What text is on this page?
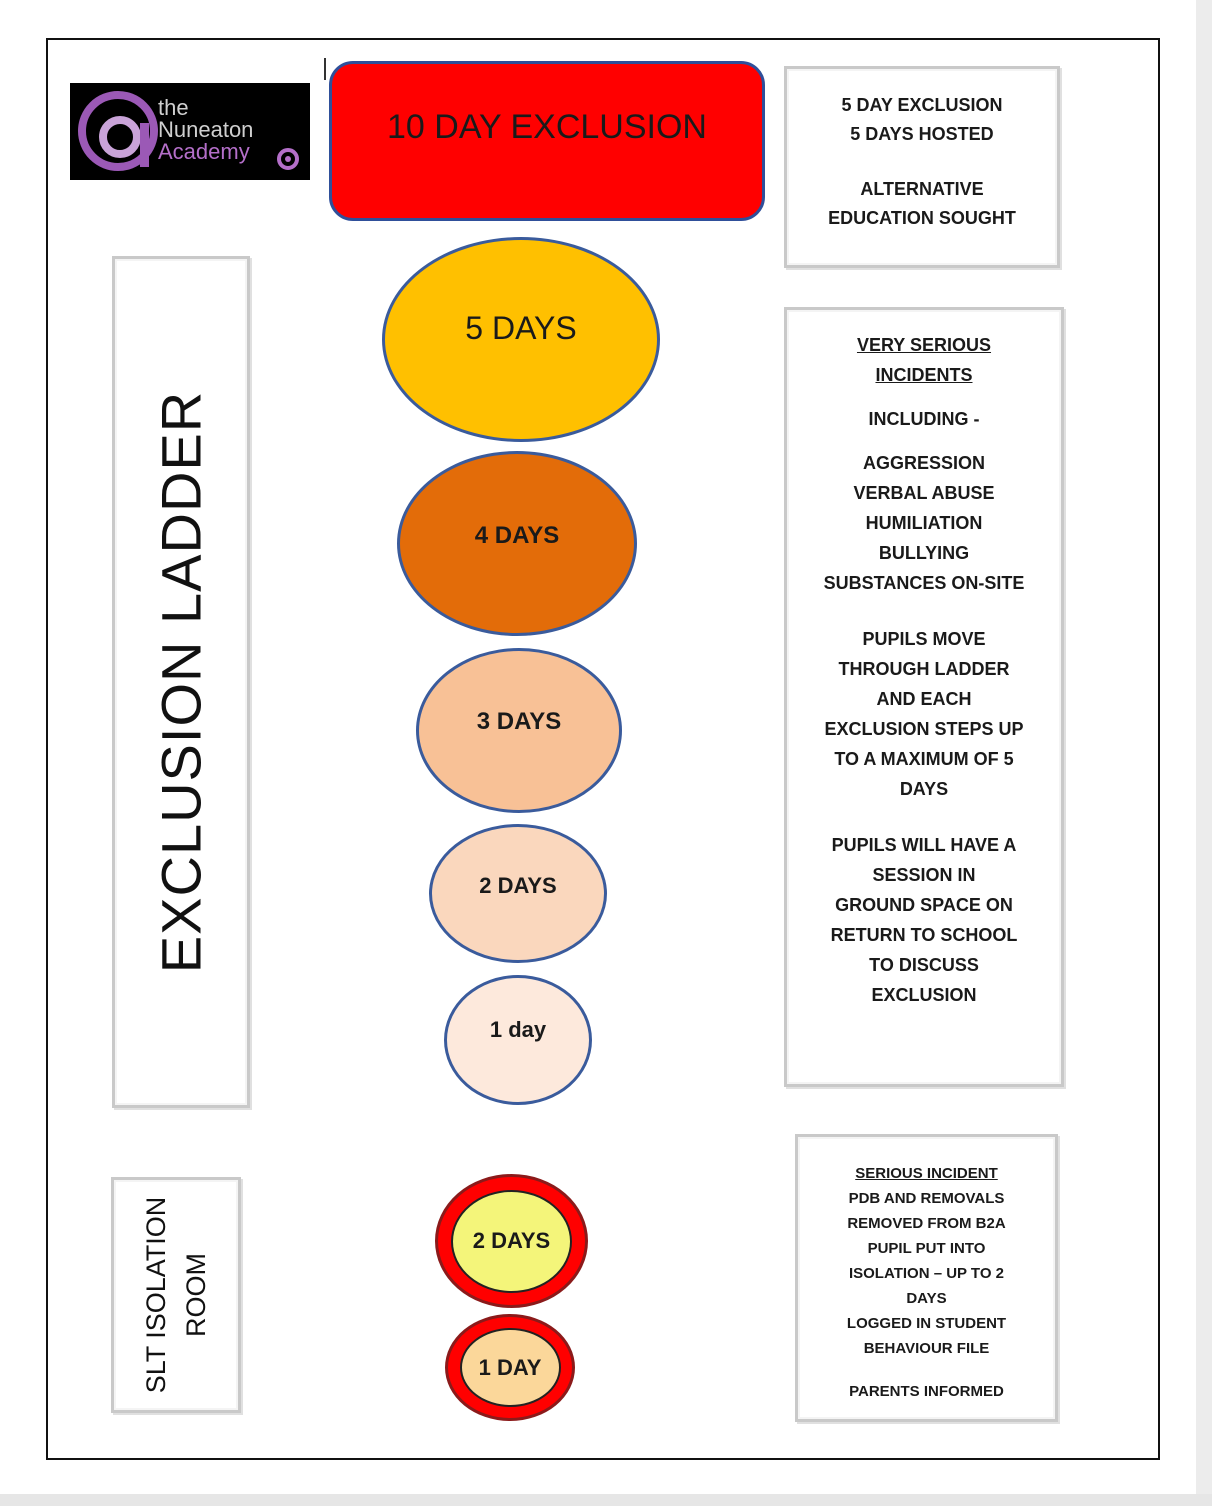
the
Nuneaton
Academy
10 DAY EXCLUSION

5 DAY EXCLUSION

5 DAYS HOSTED

ALTERNATIVE

EDUCATION SOUGHT

EXCLUSION LADDER
5 DAYS
4 DAYS
3 DAYS
2 DAYS
1 day

VERY SERIOUS

INCIDENTS

INCLUDING -

AGGRESSION

VERBAL ABUSE

HUMILIATION

BULLYING

SUBSTANCES ON-SITE

PUPILS MOVE

THROUGH LADDER

AND EACH

EXCLUSION STEPS UP

TO A MAXIMUM OF 5

DAYS

PUPILS WILL HAVE A

SESSION IN

GROUND SPACE ON

RETURN TO SCHOOL

TO DISCUSS

EXCLUSION

SLT ISOLATION ROOM
2 DAYS
1 DAY

SERIOUS INCIDENT

PDB AND REMOVALS

REMOVED FROM B2A

PUPIL PUT INTO

ISOLATION – UP TO 2

DAYS

LOGGED IN STUDENT

BEHAVIOUR FILE

PARENTS INFORMED
